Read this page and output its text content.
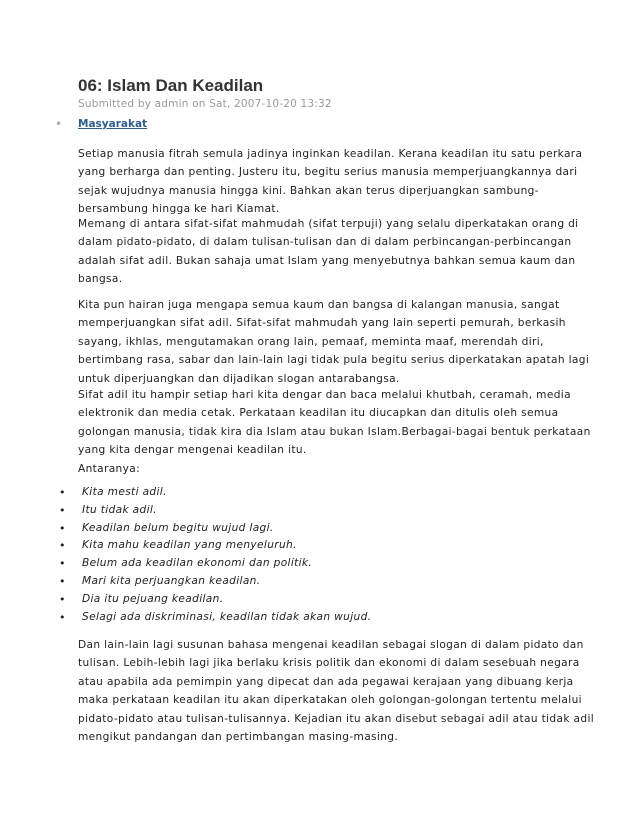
06: Islam Dan Keadilan
Submitted by admin on Sat, 2007-10-20 13:32
• Masyarakat

Setiap manusia fitrah semula jadinya inginkan keadilan. Kerana keadilan itu satu perkara
yang berharga dan penting. Justeru itu, begitu serius manusia memperjuangkannya dari
sejak wujudnya manusia hingga kini. Bahkan akan terus diperjuangkan sambung-
bersambung hingga ke hari Kiamat.

Memang di antara sifat-sifat mahmudah (sifat terpuji) yang selalu diperkatakan orang di
dalam pidato-pidato, di dalam tulisan-tulisan dan di dalam perbincangan-perbincangan
adalah sifat adil. Bukan sahaja umat Islam yang menyebutnya bahkan semua kaum dan
bangsa.

Kita pun hairan juga mengapa semua kaum dan bangsa di kalangan manusia, sangat
memperjuangkan sifat adil. Sifat-sifat mahmudah yang lain seperti pemurah, berkasih
sayang, ikhlas, mengutamakan orang lain, pemaaf, meminta maaf, merendah diri,
bertimbang rasa, sabar dan lain-lain lagi tidak pula begitu serius diperkatakan apatah lagi
untuk diperjuangkan dan dijadikan slogan antarabangsa.

Sifat adil itu hampir setiap hari kita dengar dan baca melalui khutbah, ceramah, media
elektronik dan media cetak. Perkataan keadilan itu diucapkan dan ditulis oleh semua
golongan manusia, tidak kira dia Islam atau bukan Islam.Berbagai-bagai bentuk perkataan
yang kita dengar mengenai keadilan itu.
Antaranya:

• Kita mesti adil.
• Itu tidak adil.
• Keadilan belum begitu wujud lagi.
• Kita mahu keadilan yang menyeluruh.
• Belum ada keadilan ekonomi dan politik.
• Mari kita perjuangkan keadilan.
• Dia itu pejuang keadilan.
• Selagi ada diskriminasi, keadilan tidak akan wujud.

Dan lain-lain lagi susunan bahasa mengenai keadilan sebagai slogan di dalam pidato dan
tulisan. Lebih-lebih lagi jika berlaku krisis politik dan ekonomi di dalam sesebuah negara
atau apabila ada pemimpin yang dipecat dan ada pegawai kerajaan yang dibuang kerja
maka perkataan keadilan itu akan diperkatakan oleh golongan-golongan tertentu melalui
pidato-pidato atau tulisan-tulisannya. Kejadian itu akan disebut sebagai adil atau tidak adil
mengikut pandangan dan pertimbangan masing-masing.
